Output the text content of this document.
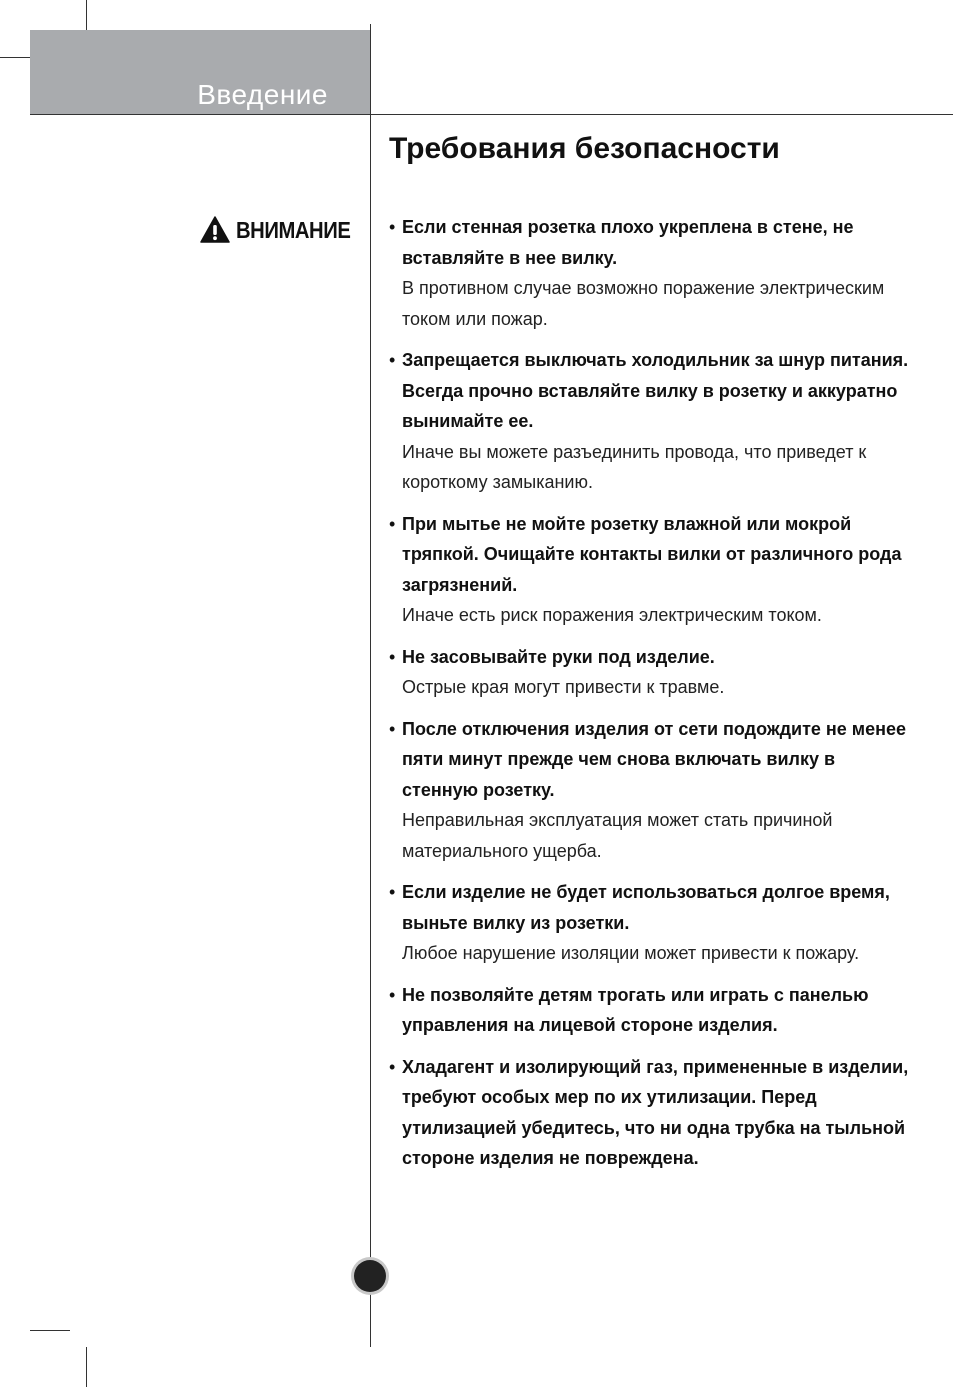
Введение
Требования безопасности
ВНИМАНИЕ • Если стенная розетка плохо укреплена в стене, не вставляйте в нее вилку.
В противном случае возможно поражение электрическим током или пожар.
• Запрещается выключать холодильник за шнур питания. Всегда прочно вставляйте вилку в розетку и аккуратно вынимайте ее.
Иначе вы можете разъединить провода, что приведет к короткому замыканию.
• При мытье не мойте розетку влажной или мокрой тряпкой. Очищайте контакты вилки от различного рода загрязнений.
Иначе есть риск поражения электрическим током.
• Не засовывайте руки под изделие.
Острые края могут привести к травме.
• После отключения изделия от сети подождите не менее пяти минут прежде чем снова включать вилку в стенную розетку.
Неправильная эксплуатация может стать причиной материального ущерба.
• Если изделие не будет использоваться долгое время, выньте вилку из розетки.
Любое нарушение изоляции может привести к пожару.
• Не позволяйте детям трогать или играть с панелью управления на лицевой стороне изделия.
• Хладагент и изолирующий газ, примененные в изделии, требуют особых мер по их утилизации. Перед утилизацией убедитесь, что ни одна трубка на тыльной стороне изделия не повреждена.
